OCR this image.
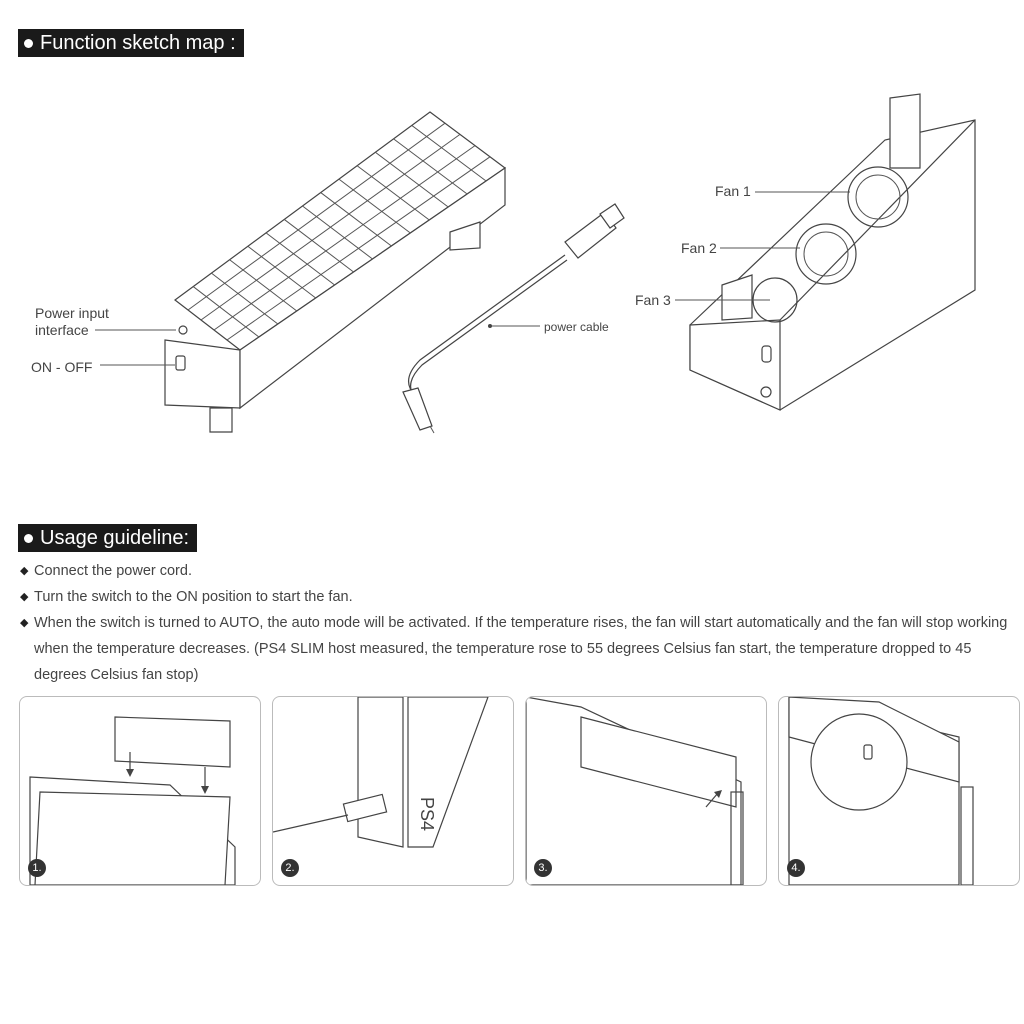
Function sketch map :
Power input
interface
ON - OFF
power cable
Fan 1
Fan 2
Fan 3
Usage guideline:
◆ Connect the power cord.
◆ Turn the switch to the ON position to start the fan.
◆ When the switch is turned to AUTO, the auto mode will be activated. If the temperature rises, the fan will start automatically and the fan will stop working when the temperature decreases. (PS4 SLIM host measured, the temperature rose to 55 degrees Celsius fan start, the temperature dropped to 45 degrees Celsius fan stop)
1.
PS4
2.	3.	4.
